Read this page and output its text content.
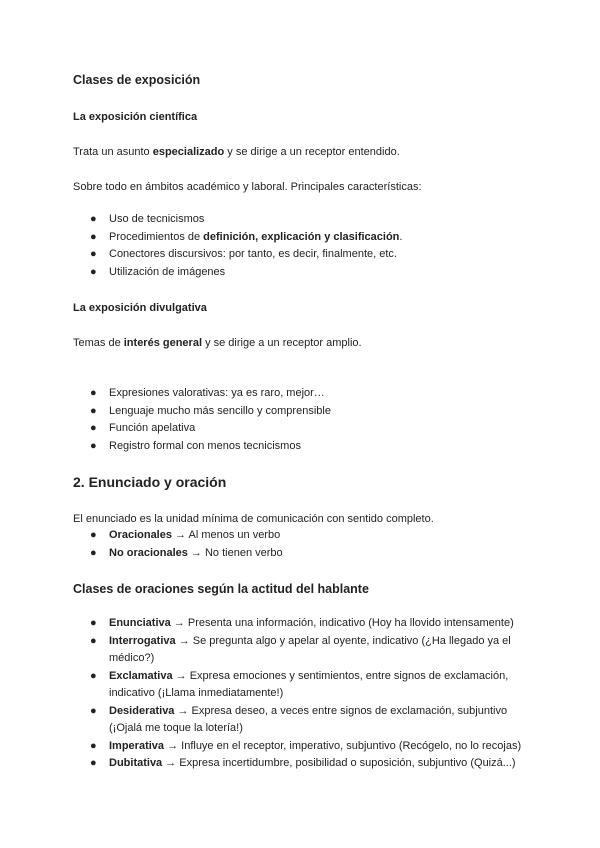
Clases de exposición
La exposición científica
Trata un asunto especializado y se dirige a un receptor entendido.
Sobre todo en ámbitos académico y laboral. Principales características:
● Uso de tecnicismos
● Procedimientos de definición, explicación y clasificación.
● Conectores discursivos: por tanto, es decir, finalmente, etc.
● Utilización de imágenes
La exposición divulgativa
Temas de interés general y se dirige a un receptor amplio.
● Expresiones valorativas: ya es raro, mejor…
● Lenguaje mucho más sencillo y comprensible
● Función apelativa
● Registro formal con menos tecnicismos
2. Enunciado y oración
El enunciado es la unidad mínima de comunicación con sentido completo.
● Oracionales → Al menos un verbo
● No oracionales → No tienen verbo
Clases de oraciones según la actitud del hablante
● Enunciativa → Presenta una información, indicativo (Hoy ha llovido intensamente)
● Interrogativa → Se pregunta algo y apelar al oyente, indicativo (¿Ha llegado ya el médico?)
● Exclamativa → Expresa emociones y sentimientos, entre signos de exclamación, indicativo (¡Llama inmediatamente!)
● Desiderativa → Expresa deseo, a veces entre signos de exclamación, subjuntivo (¡Ojalá me toque la lotería!)
● Imperativa → Influye en el receptor, imperativo, subjuntivo (Recógelo, no lo recojas)
● Dubitativa → Expresa incertidumbre, posibilidad o suposición, subjuntivo (Quizá...)
